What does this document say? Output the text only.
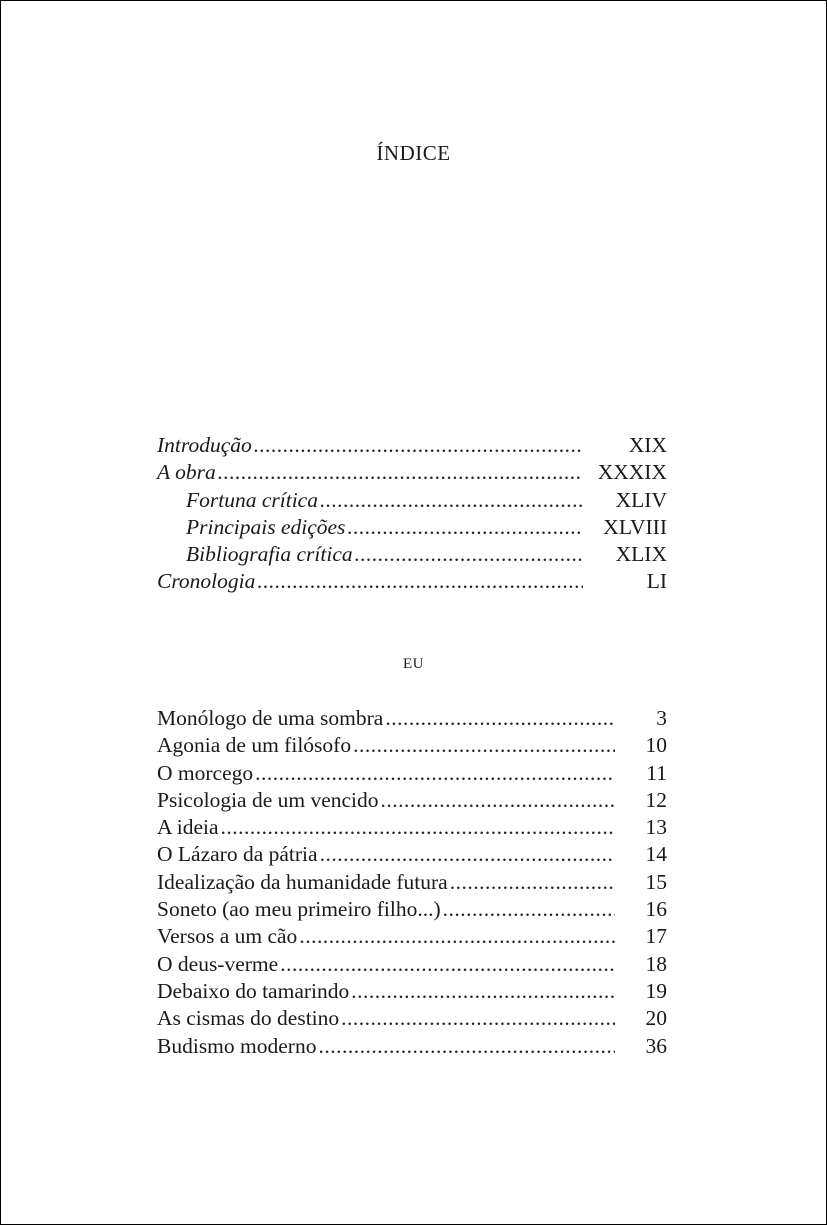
ÍNDICE
Introdução .....	XIX
A obra .....	XXXIX
Fortuna crítica .....	XLIV
Principais edições .....	XLVIII
Bibliografia crítica .....	XLIX
Cronologia .....	LI
EU
Monólogo de uma sombra .....	3
Agonia de um filósofo .....	10
O morcego .....	11
Psicologia de um vencido .....	12
A ideia .....	13
O Lázaro da pátria .....	14
Idealização da humanidade futura .....	15
Soneto (ao meu primeiro filho...) .....	16
Versos a um cão .....	17
O deus-verme .....	18
Debaixo do tamarindo .....	19
As cismas do destino .....	20
Budismo moderno .....	36
